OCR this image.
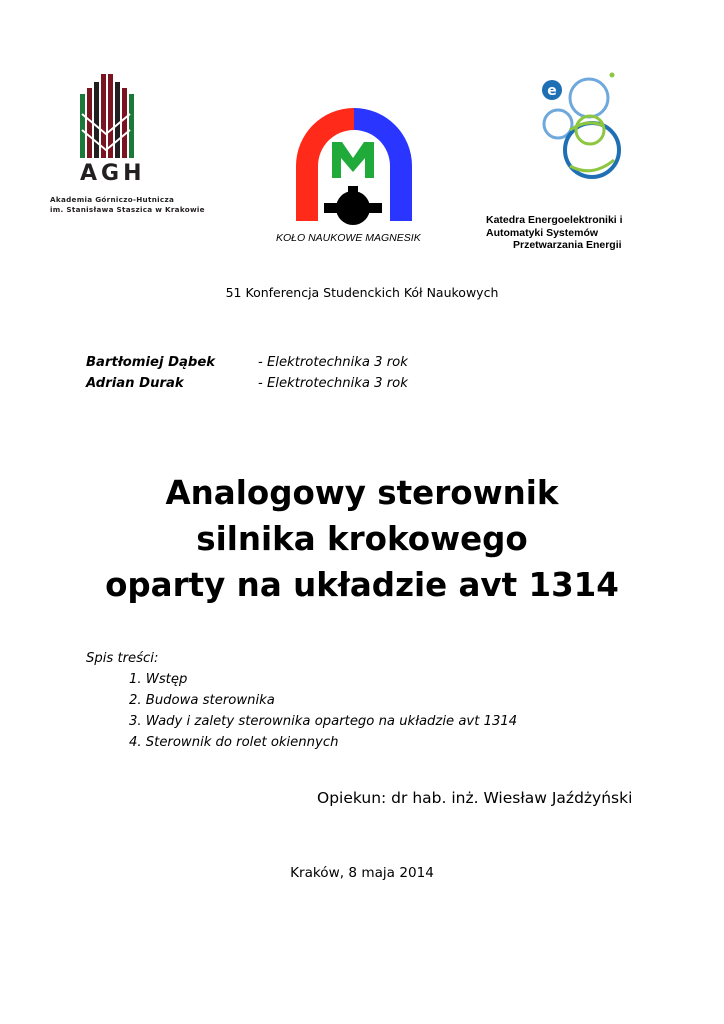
AGH
Akademia Górniczo-Hutnicza
im. Stanisława Staszica w Krakowie
KOŁO NAUKOWE MAGNESIK
e
Katedra Energoelektroniki i
Automatyki Systemów
Przetwarzania Energii
51 Konferencja Studenckich Kół Naukowych
Bartłomiej Dąbek	- Elektrotechnika 3 rok
Adrian Durak	- Elektrotechnika 3 rok
Analogowy sterownik
silnika krokowego
oparty na układzie avt 1314
Spis treści:
1. Wstęp
2. Budowa sterownika
3. Wady i zalety sterownika opartego na układzie avt 1314
4. Sterownik do rolet okiennych
Opiekun: dr hab. inż. Wiesław Jaźdżyński
Kraków, 8 maja 2014
